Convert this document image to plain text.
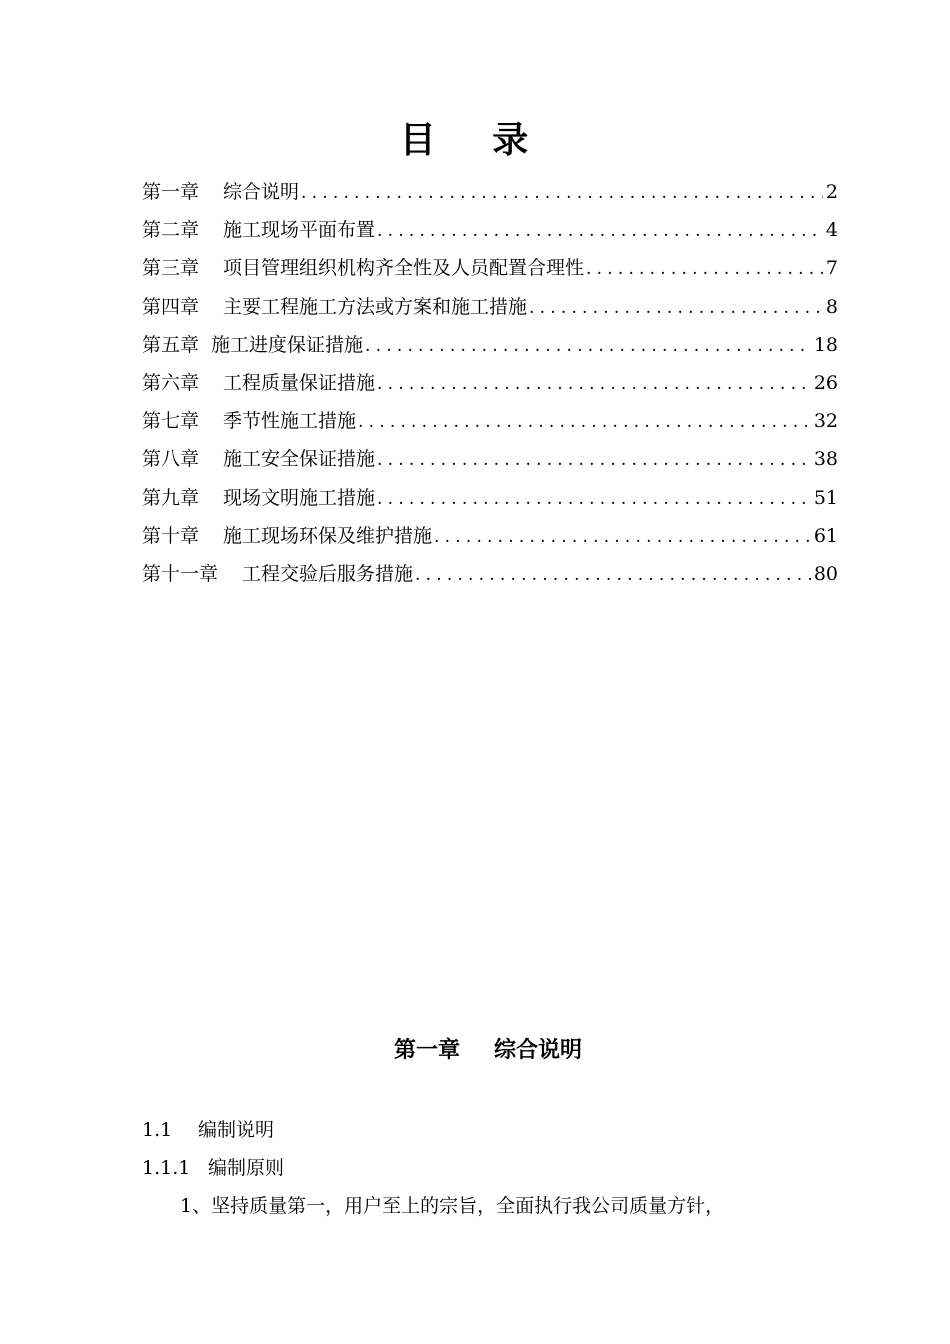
目 录
第一章	综合说明 .....	2
第二章	施工现场平面布置 .....	4
第三章	项目管理组织机构齐全性及人员配置合理性 .....	7
第四章	主要工程施工方法或方案和施工措施 .....	8
第五章 施工进度保证措施 .....	18
第六章	工程质量保证措施 .....	26
第七章	季节性施工措施 .....	32
第八章	施工安全保证措施 .....	38
第九章	现场文明施工措施 .....	51
第十章	施工现场环保及维护措施 .....	61
第十一章	工程交验后服务措施 .....	80
第一章 综合说明
1.1 编制说明
1.1.1 编制原则
1、坚持质量第一，用户至上的宗旨，全面执行我公司质量方针，
